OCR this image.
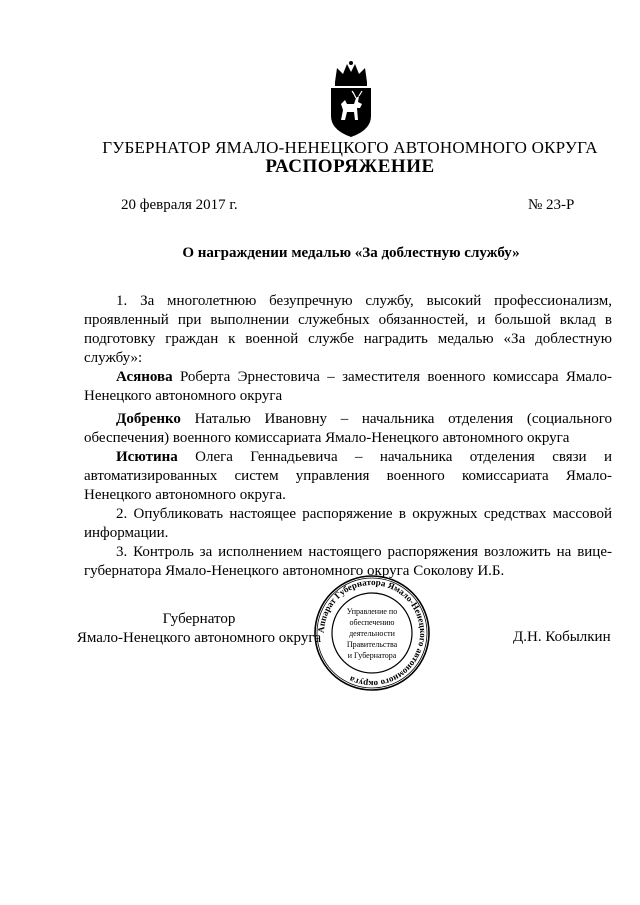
ГУБЕРНАТОР ЯМАЛО-НЕНЕЦКОГО АВТОНОМНОГО ОКРУГА
РАСПОРЯЖЕНИЕ
20 февраля 2017 г.	№ 23-Р
О награждении медалью «За доблестную службу»

1. За многолетнюю безупречную службу, высокий профессионализм, проявленный при выполнении служебных обязанностей, и большой вклад в подготовку граждан к военной службе наградить медалью «За доблестную службу»:

Асянова Роберта Эрнестовича – заместителя военного комиссара Ямало-Ненецкого автономного округа

Добренко Наталью Ивановну – начальника отделения (социального обеспечения) военного комиссариата Ямало-Ненецкого автономного округа

Исютина Олега Геннадьевича – начальника отделения связи и автоматизированных систем управления военного комиссариата Ямало-Ненецкого автономного округа.

2. Опубликовать настоящее распоряжение в окружных средствах массовой информации.

3. Контроль за исполнением настоящего распоряжения возложить на вице-губернатора Ямало-Ненецкого автономного округа Соколову И.Б.

Губернатор
Ямало-Ненецкого автономного округа
Аппарат Губернатора Ямало-Ненецкого автономного округа
Управление по
обеспечению
деятельности
Правительства
и Губернатора
Д.Н. Кобылкин
